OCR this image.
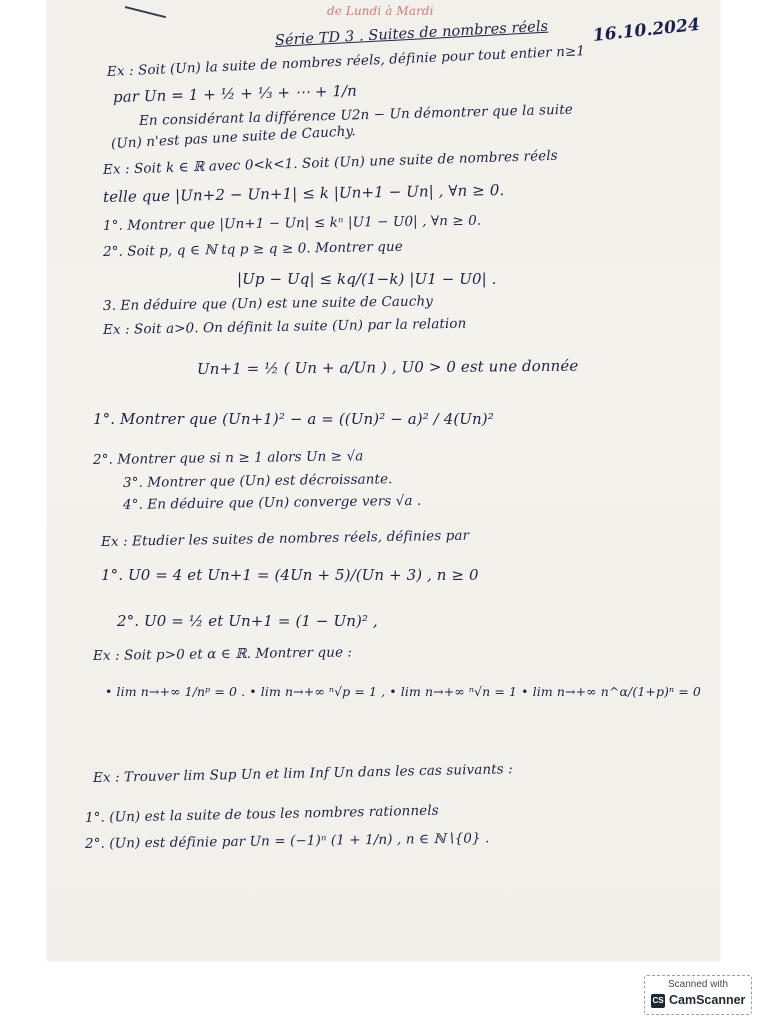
de Lundi à Mardi
Série TD 3 . Suites de nombres réels	16.10.2024
Ex : Soit (Un) la suite de nombres réels, définie pour tout entier n≥1
par Un = 1 + ½ + ⅓ + ⋯ + 1/n
En considérant la différence U2n − Un démontrer que la suite
(Un) n'est pas une suite de Cauchy.
Ex : Soit k ∈ ℝ avec 0<k<1. Soit (Un) une suite de nombres réels
telle que |Un+2 − Un+1| ≤ k |Un+1 − Un| , ∀n ≥ 0.
1°. Montrer que |Un+1 − Un| ≤ kⁿ |U1 − U0| , ∀n ≥ 0.
2°. Soit p, q ∈ ℕ tq p ≥ q ≥ 0. Montrer que
|Up − Uq| ≤ kq/(1−k) |U1 − U0| .
3. En déduire que (Un) est une suite de Cauchy
Ex : Soit a>0. On définit la suite (Un) par la relation
Un+1 = ½ ( Un + a/Un ) , U0 > 0 est une donnée
1°. Montrer que (Un+1)² − a = ((Un)² − a)² / 4(Un)²
2°. Montrer que si n ≥ 1 alors Un ≥ √a
3°. Montrer que (Un) est décroissante.
4°. En déduire que (Un) converge vers √a .
Ex : Etudier les suites de nombres réels, définies par
1°. U0 = 4 et Un+1 = (4Un + 5)/(Un + 3) , n ≥ 0
2°. U0 = ½ et Un+1 = (1 − Un)² ,
Ex : Soit p>0 et α ∈ ℝ. Montrer que :
• lim n→+∞ 1/nᵖ = 0 . • lim n→+∞ ⁿ√p = 1 , • lim n→+∞ ⁿ√n = 1 • lim n→+∞ n^α/(1+p)ⁿ = 0
Ex : Trouver lim Sup Un et lim Inf Un dans les cas suivants :
1°. (Un) est la suite de tous les nombres rationnels
2°. (Un) est définie par Un = (−1)ⁿ (1 + 1/n) , n ∈ ℕ∖{0} .
Scanned with
CS CamScanner
